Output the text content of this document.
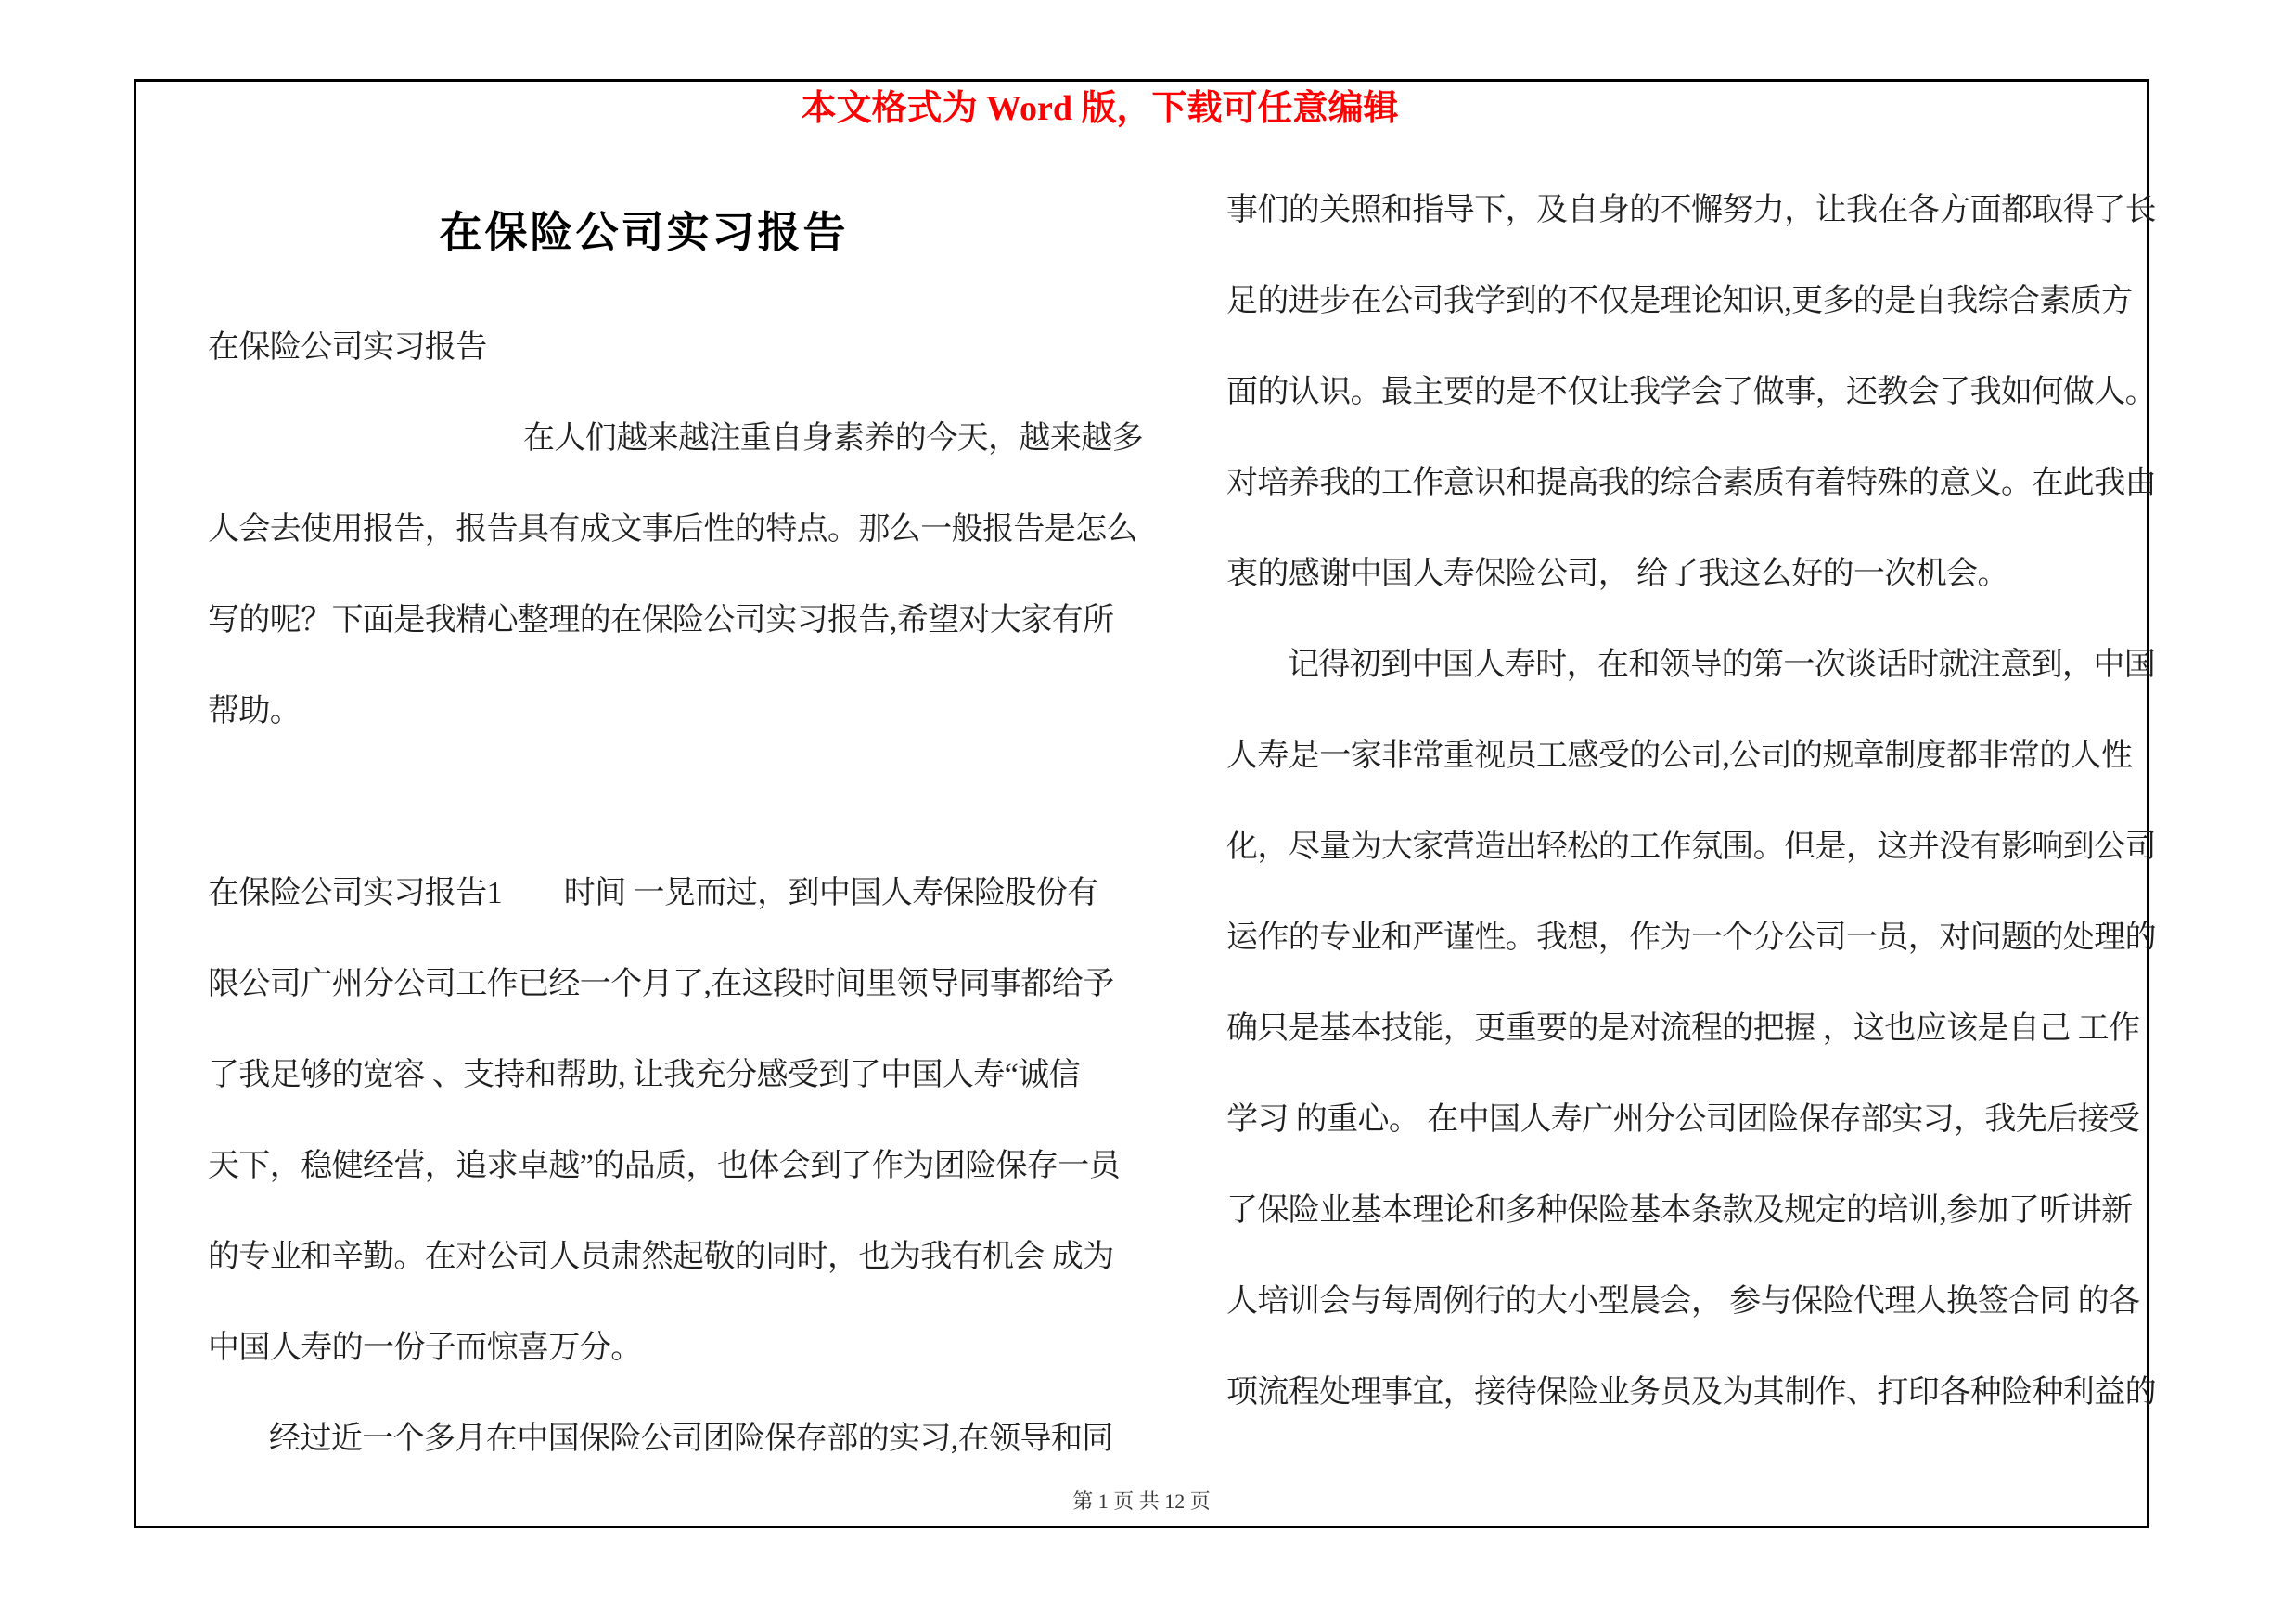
本文格式为 Word 版，下载可任意编辑
在保险公司实习报告
在保险公司实习报告
在人们越来越注重自身素养的今天，越来越多
人会去使用报告，报告具有成文事后性的特点。那么一般报告是怎么
写的呢？下面是我精心整理的在保险公司实习报告,希望对大家有所
帮助。
在保险公司实习报告1　　时间 一晃而过，到中国人寿保险股份有
限公司广州分公司工作已经一个月了,在这段时间里领导同事都给予
了我足够的宽容 、支持和帮助, 让我充分感受到了中国人寿“诚信
天下，稳健经营，追求卓越”的品质，也体会到了作为团险保存一员
的专业和辛勤。在对公司人员肃然起敬的同时，也为我有机会 成为
中国人寿的一份子而惊喜万分。
经过近一个多月在中国保险公司团险保存部的实习,在领导和同
事们的关照和指导下，及自身的不懈努力，让我在各方面都取得了长
足的进步在公司我学到的不仅是理论知识,更多的是自我综合素质方
面的认识。最主要的是不仅让我学会了做事，还教会了我如何做人。
对培养我的工作意识和提高我的综合素质有着特殊的意义。在此我由
衷的感谢中国人寿保险公司， 给了我这么好的一次机会。
记得初到中国人寿时，在和领导的第一次谈话时就注意到，中国
人寿是一家非常重视员工感受的公司,公司的规章制度都非常的人性
化，尽量为大家营造出轻松的工作氛围。但是，这并没有影响到公司
运作的专业和严谨性。我想，作为一个分公司一员，对问题的处理的
确只是基本技能，更重要的是对流程的把握 ，这也应该是自己 工作
学习 的重心。 在中国人寿广州分公司团险保存部实习，我先后接受
了保险业基本理论和多种保险基本条款及规定的培训,参加了听讲新
人培训会与每周例行的大小型晨会， 参与保险代理人换签合同 的各
项流程处理事宜，接待保险业务员及为其制作、打印各种险种利益的
第 1 页 共 12 页
